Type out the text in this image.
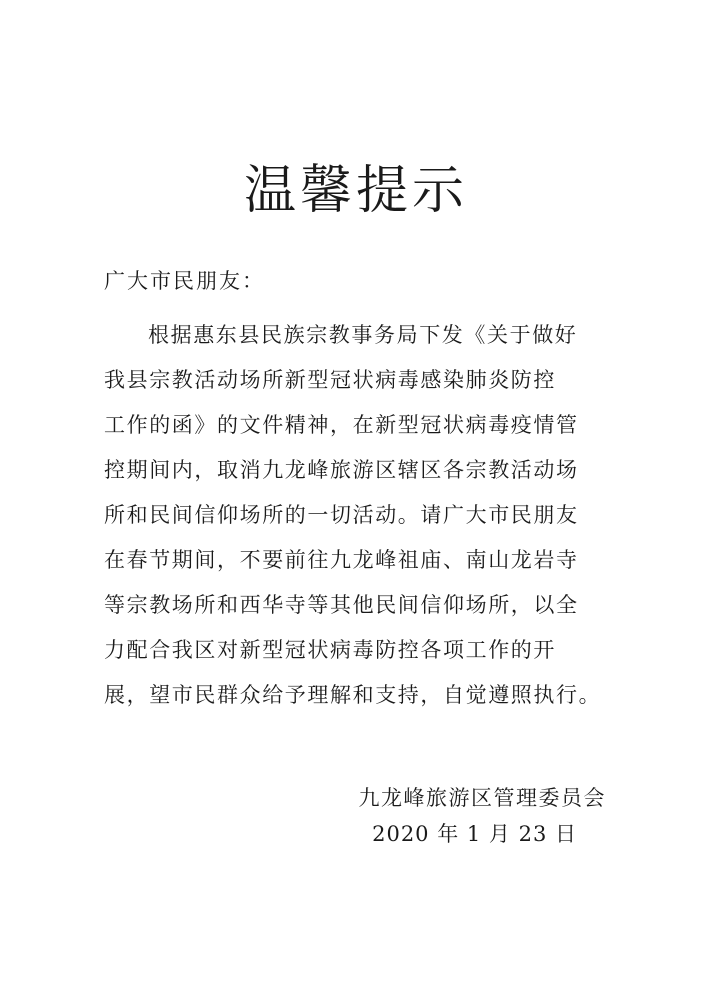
温馨提示
广大市民朋友：
根据惠东县民族宗教事务局下发《关于做好
我县宗教活动场所新型冠状病毒感染肺炎防控
工作的函》的文件精神，在新型冠状病毒疫情管
控期间内，取消九龙峰旅游区辖区各宗教活动场
所和民间信仰场所的一切活动。请广大市民朋友
在春节期间，不要前往九龙峰祖庙、南山龙岩寺
等宗教场所和西华寺等其他民间信仰场所，以全
力配合我区对新型冠状病毒防控各项工作的开
展，望市民群众给予理解和支持，自觉遵照执行。
九龙峰旅游区管理委员会
2020 年 1 月 23 日
